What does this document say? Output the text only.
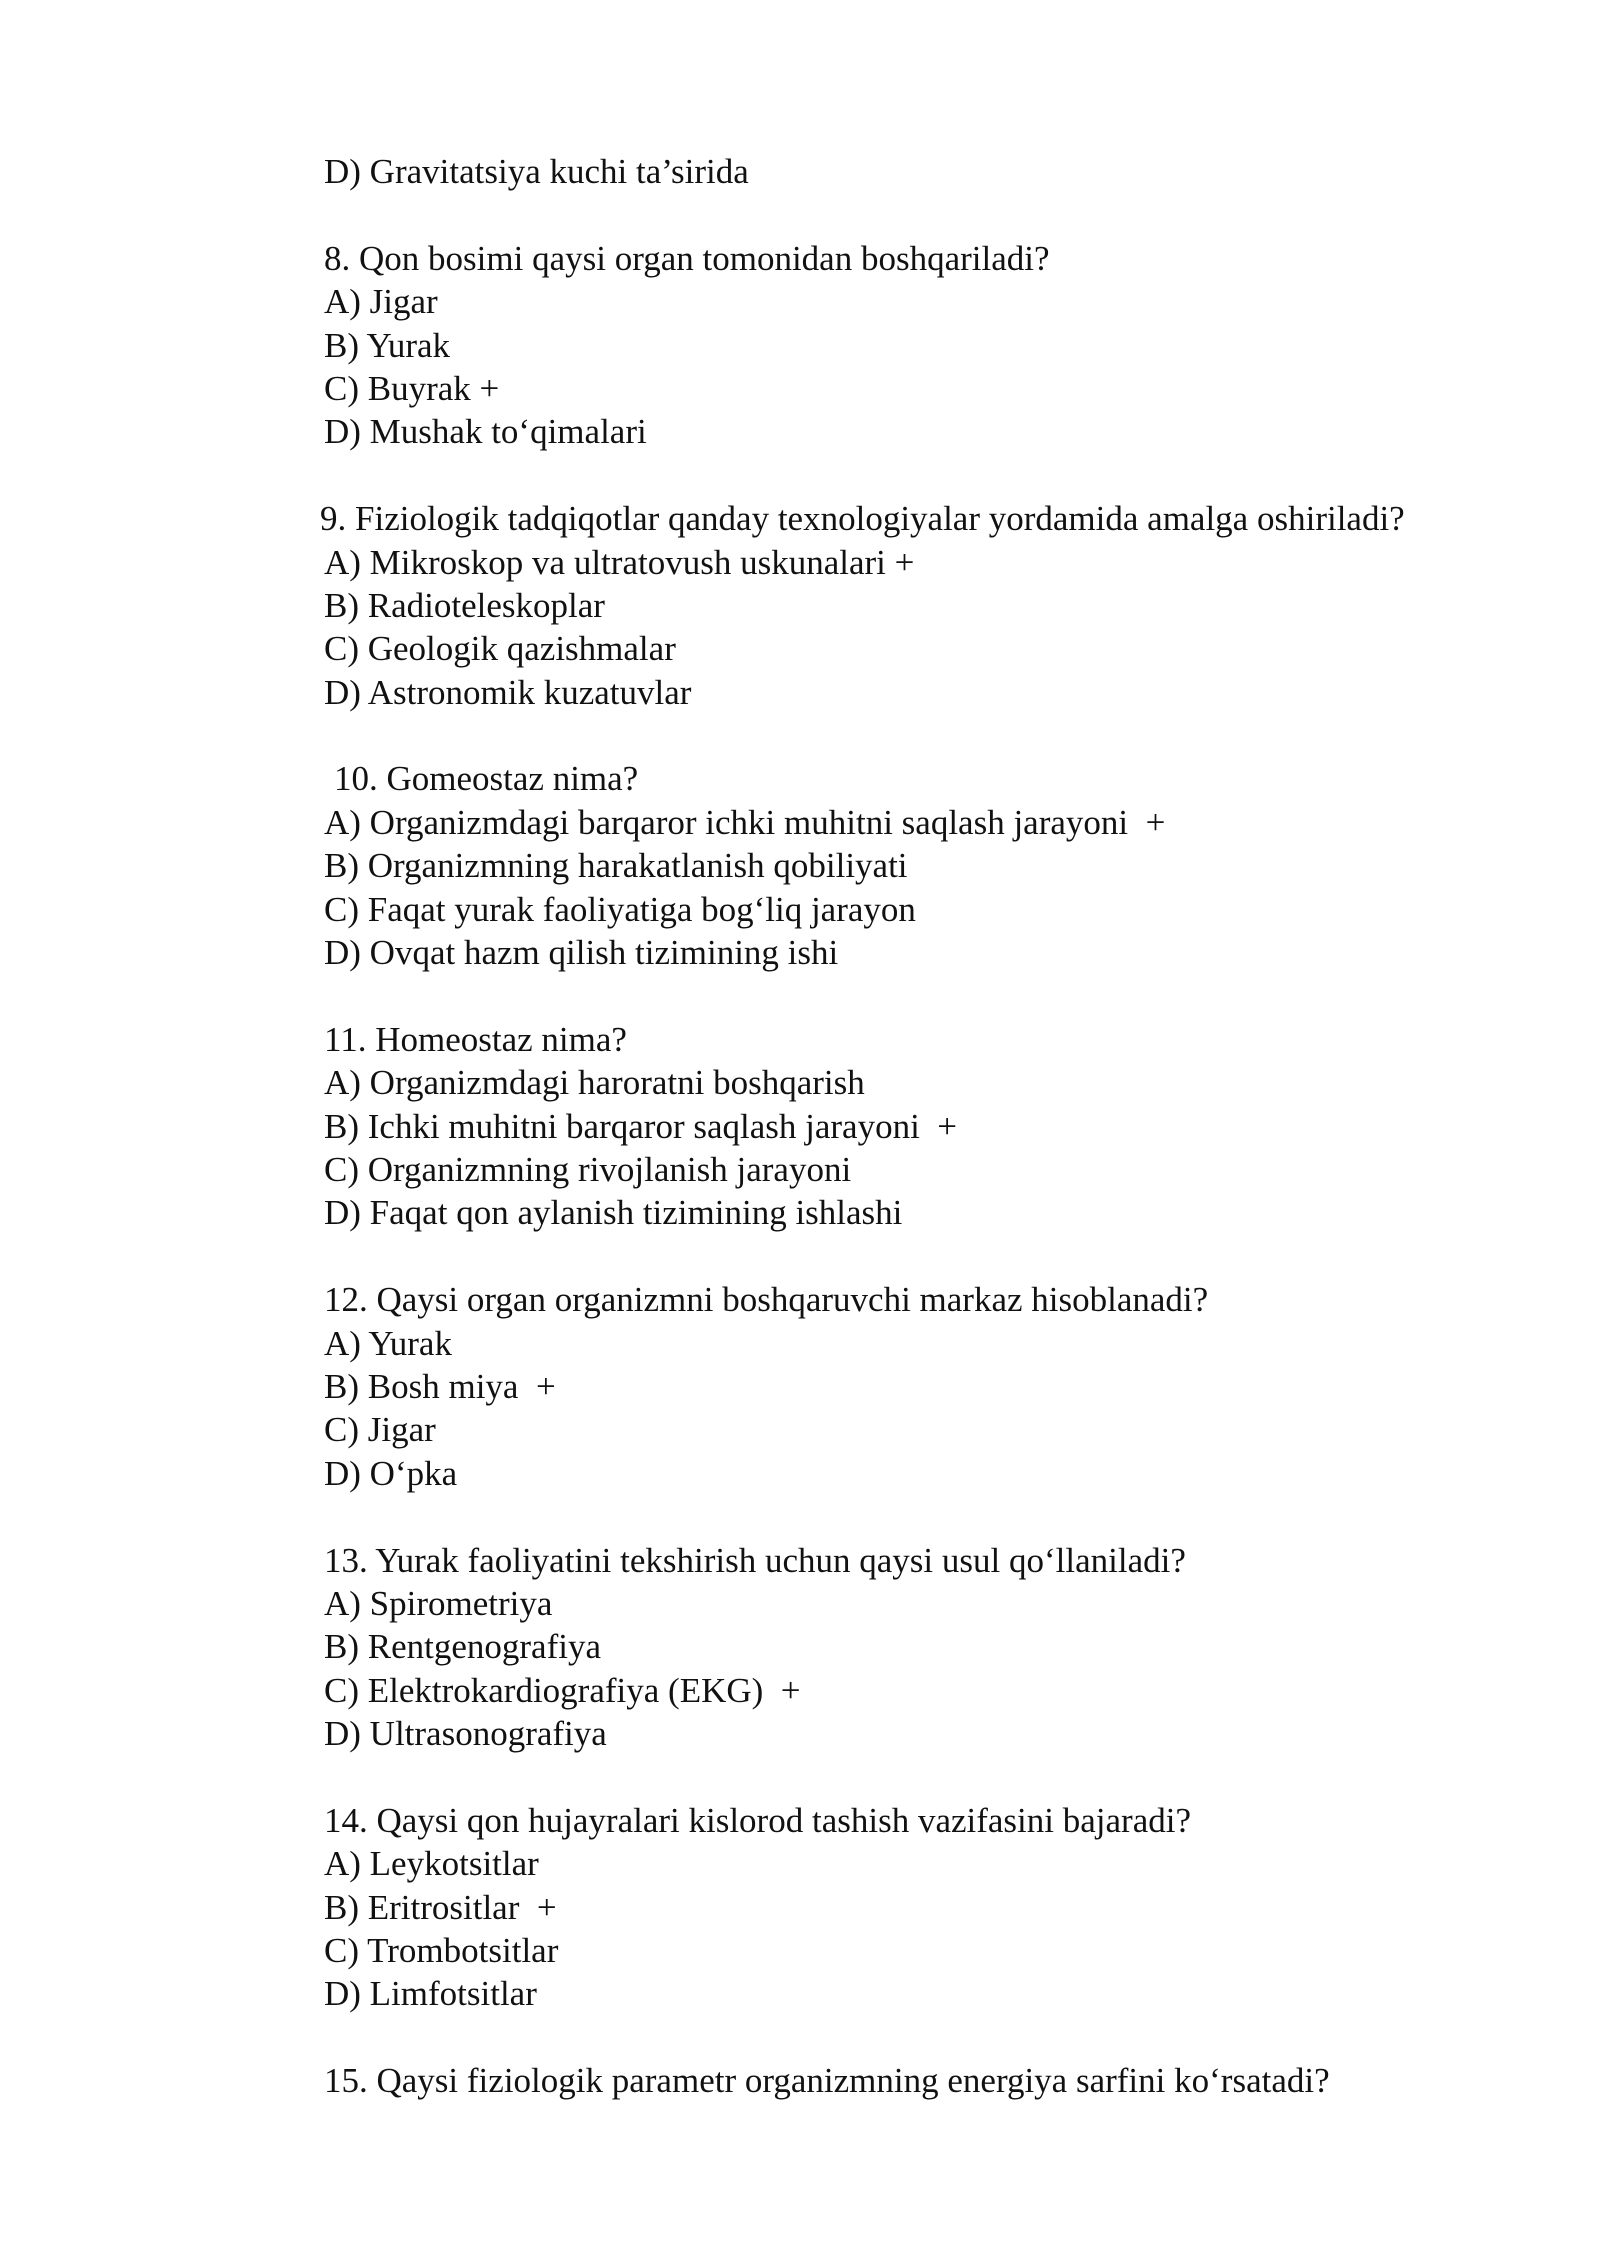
D) Gravitatsiya kuchi ta’sirida
8. Qon bosimi qaysi organ tomonidan boshqariladi?
A) Jigar
B) Yurak
C) Buyrak +
D) Mushak to‘qimalari
9. Fiziologik tadqiqotlar qanday texnologiyalar yordamida amalga oshiriladi?
A) Mikroskop va ultratovush uskunalari +
B) Radioteleskoplar
C) Geologik qazishmalar
D) Astronomik kuzatuvlar
10. Gomeostaz nima?
A) Organizmdagi barqaror ichki muhitni saqlash jarayoni  +
B) Organizmning harakatlanish qobiliyati
C) Faqat yurak faoliyatiga bog‘liq jarayon
D) Ovqat hazm qilish tizimining ishi
11. Homeostaz nima?
A) Organizmdagi haroratni boshqarish
B) Ichki muhitni barqaror saqlash jarayoni  +
C) Organizmning rivojlanish jarayoni
D) Faqat qon aylanish tizimining ishlashi
12. Qaysi organ organizmni boshqaruvchi markaz hisoblanadi?
A) Yurak
B) Bosh miya  +
C) Jigar
D) O‘pka
13. Yurak faoliyatini tekshirish uchun qaysi usul qo‘llaniladi?
A) Spirometriya
B) Rentgenografiya
C) Elektrokardiografiya (EKG)  +
D) Ultrasonografiya
14. Qaysi qon hujayralari kislorod tashish vazifasini bajaradi?
A) Leykotsitlar
B) Eritrositlar  +
C) Trombotsitlar
D) Limfotsitlar
15. Qaysi fiziologik parametr organizmning energiya sarfini ko‘rsatadi?
